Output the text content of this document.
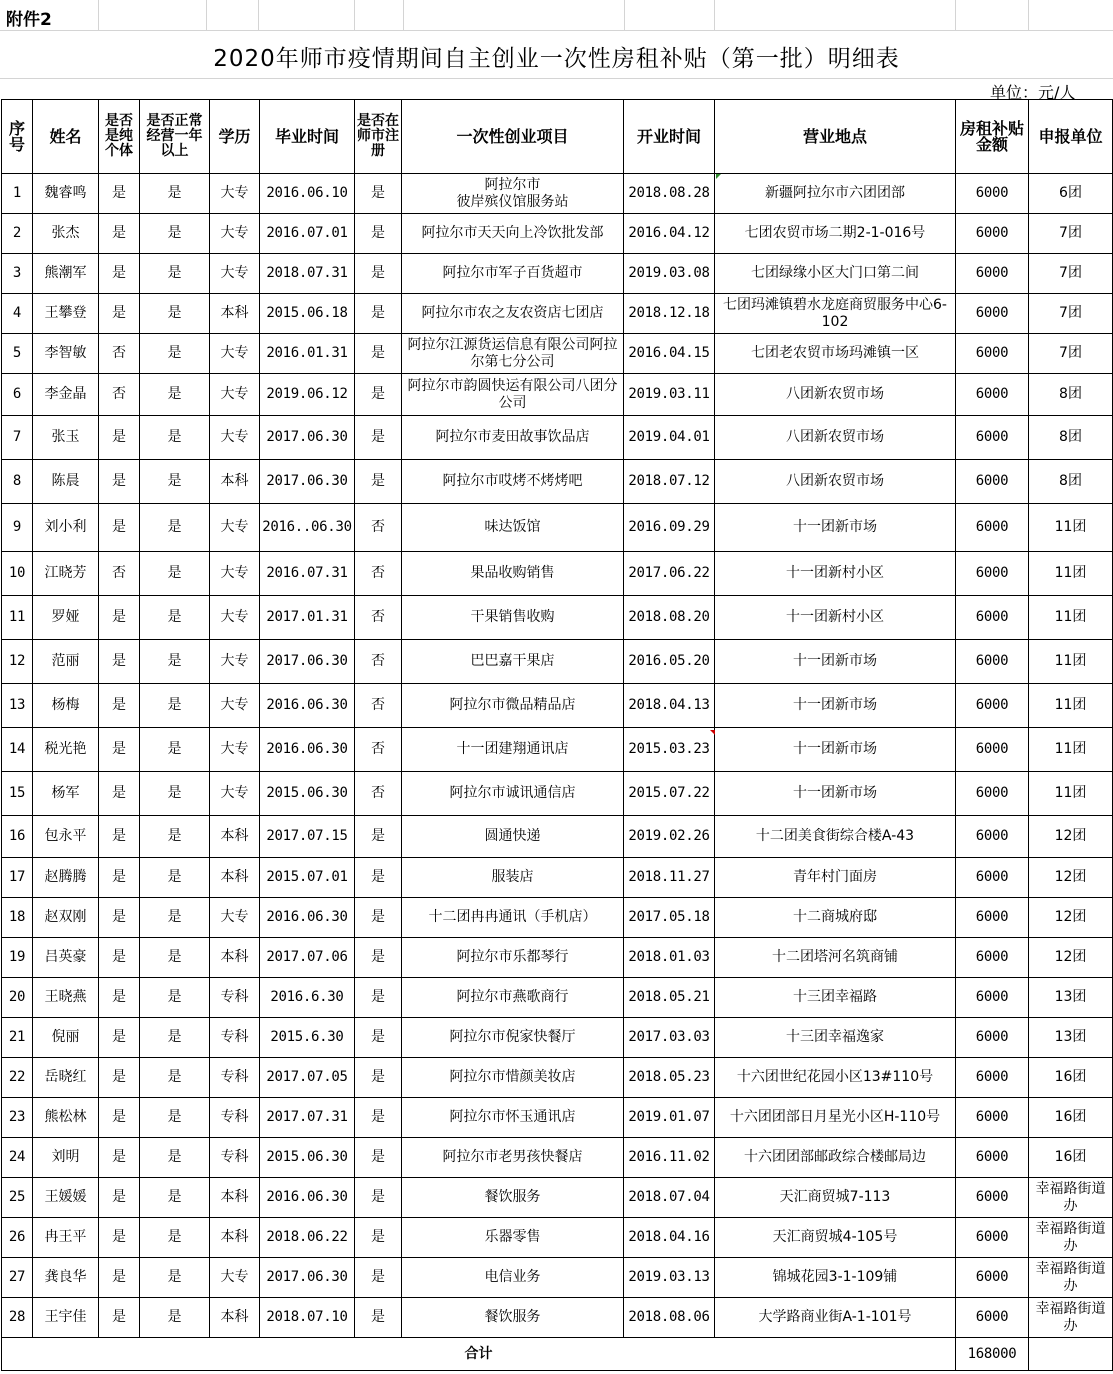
附件2
2020年师市疫情期间自主创业一次性房租补贴（第一批）明细表
单位：元/人
序号	姓名	是否是纯个体	是否正常经营一年以上	学历	毕业时间	是否在师市注册	一次性创业项目	开业时间	营业地点	房租补贴金额	申报单位
1	魏睿鸣	是	是	大专	2016.06.10	是	阿拉尔市
彼岸殡仪馆服务站	2018.08.28	新疆阿拉尔市六团团部	6000	6团
2	张杰	是	是	大专	2016.07.01	是	阿拉尔市天天向上冷饮批发部	2016.04.12	七团农贸市场二期2-1-016号	6000	7团
3	熊潮军	是	是	大专	2018.07.31	是	阿拉尔市军子百货超市	2019.03.08	七团绿缘小区大门口第二间	6000	7团
4	王攀登	是	是	本科	2015.06.18	是	阿拉尔市农之友农资店七团店	2018.12.18	七团玛滩镇碧水龙庭商贸服务中心6-102	6000	7团
5	李智敏	否	是	大专	2016.01.31	是	阿拉尔江源货运信息有限公司阿拉尔第七分公司	2016.04.15	七团老农贸市场玛滩镇一区	6000	7团
6	李金晶	否	是	大专	2019.06.12	是	阿拉尔市韵圆快运有限公司八团分公司	2019.03.11	八团新农贸市场	6000	8团
7	张玉	是	是	大专	2017.06.30	是	阿拉尔市麦田故事饮品店	2019.04.01	八团新农贸市场	6000	8团
8	陈晨	是	是	本科	2017.06.30	是	阿拉尔市哎烤不烤烤吧	2018.07.12	八团新农贸市场	6000	8团
9	刘小利	是	是	大专	2016..06.30	否	味达饭馆	2016.09.29	十一团新市场	6000	11团
10	江晓芳	否	是	大专	2016.07.31	否	果品收购销售	2017.06.22	十一团新村小区	6000	11团
11	罗娅	是	是	大专	2017.01.31	否	干果销售收购	2018.08.20	十一团新村小区	6000	11团
12	范丽	是	是	大专	2017.06.30	否	巴巴嘉干果店	2016.05.20	十一团新市场	6000	11团
13	杨梅	是	是	大专	2016.06.30	否	阿拉尔市微品精品店	2018.04.13	十一团新市场	6000	11团
14	税光艳	是	是	大专	2016.06.30	否	十一团建翔通讯店	2015.03.23	十一团新市场	6000	11团
15	杨军	是	是	大专	2015.06.30	否	阿拉尔市诚讯通信店	2015.07.22	十一团新市场	6000	11团
16	包永平	是	是	本科	2017.07.15	是	圆通快递	2019.02.26	十二团美食街综合楼A-43	6000	12团
17	赵腾腾	是	是	本科	2015.07.01	是	服装店	2018.11.27	青年村门面房	6000	12团
18	赵双刚	是	是	大专	2016.06.30	是	十二团冉冉通讯（手机店）	2017.05.18	十二商城府邸	6000	12团
19	吕英豪	是	是	本科	2017.07.06	是	阿拉尔市乐都琴行	2018.01.03	十二团塔河名筑商铺	6000	12团
20	王晓燕	是	是	专科	2016.6.30	是	阿拉尔市燕歌商行	2018.05.21	十三团幸福路	6000	13团
21	倪丽	是	是	专科	2015.6.30	是	阿拉尔市倪家快餐厅	2017.03.03	十三团幸福逸家	6000	13团
22	岳晓红	是	是	专科	2017.07.05	是	阿拉尔市惜颜美妆店	2018.05.23	十六团世纪花园小区13#110号	6000	16团
23	熊松林	是	是	专科	2017.07.31	是	阿拉尔市怀玉通讯店	2019.01.07	十六团团部日月星光小区H-110号	6000	16团
24	刘明	是	是	专科	2015.06.30	是	阿拉尔市老男孩快餐店	2016.11.02	十六团团部邮政综合楼邮局边	6000	16团
25	王媛媛	是	是	本科	2016.06.30	是	餐饮服务	2018.07.04	天汇商贸城7-113	6000	幸福路街道办
26	冉王平	是	是	本科	2018.06.22	是	乐器零售	2018.04.16	天汇商贸城4-105号	6000	幸福路街道办
27	龚良华	是	是	大专	2017.06.30	是	电信业务	2019.03.13	锦城花园3-1-109铺	6000	幸福路街道办
28	王宇佳	是	是	本科	2018.07.10	是	餐饮服务	2018.08.06	大学路商业街A-1-101号	6000	幸福路街道办
合计										168000	
